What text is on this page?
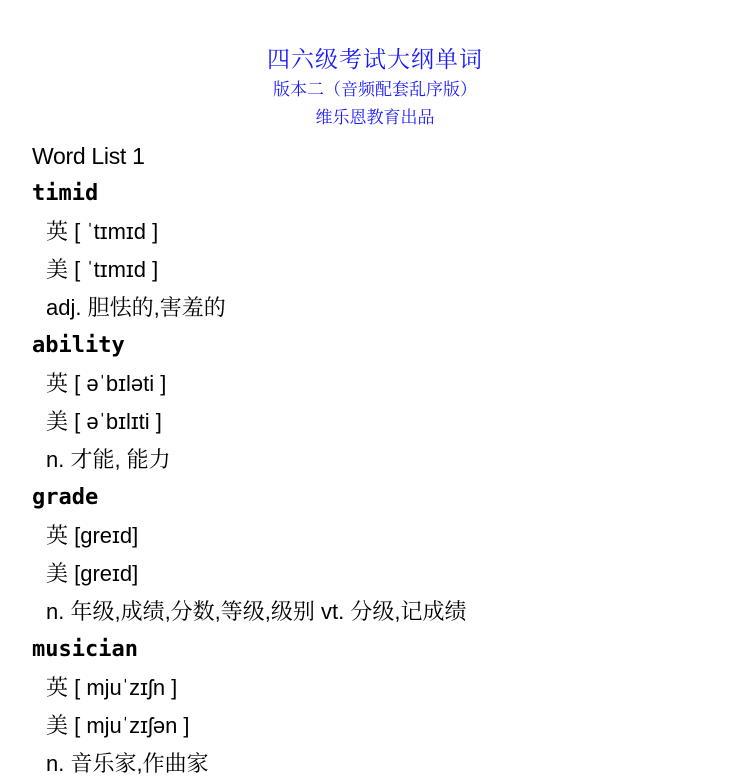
四六级考试大纲单词
版本二（音频配套乱序版）
维乐恩教育出品
Word List 1
timid
英 [ ˈtɪmɪd ]
美 [ ˈtɪmɪd ]
adj. 胆怯的,害羞的
ability
英 [ əˈbɪləti ]
美 [ əˈbɪlɪti ]
n. 才能, 能力
grade
英 [greɪd]
美 [greɪd]
n. 年级,成绩,分数,等级,级别 vt. 分级,记成绩
musician
英 [ mjuˈzɪʃn ]
美 [ mjuˈzɪʃən ]
n. 音乐家,作曲家
